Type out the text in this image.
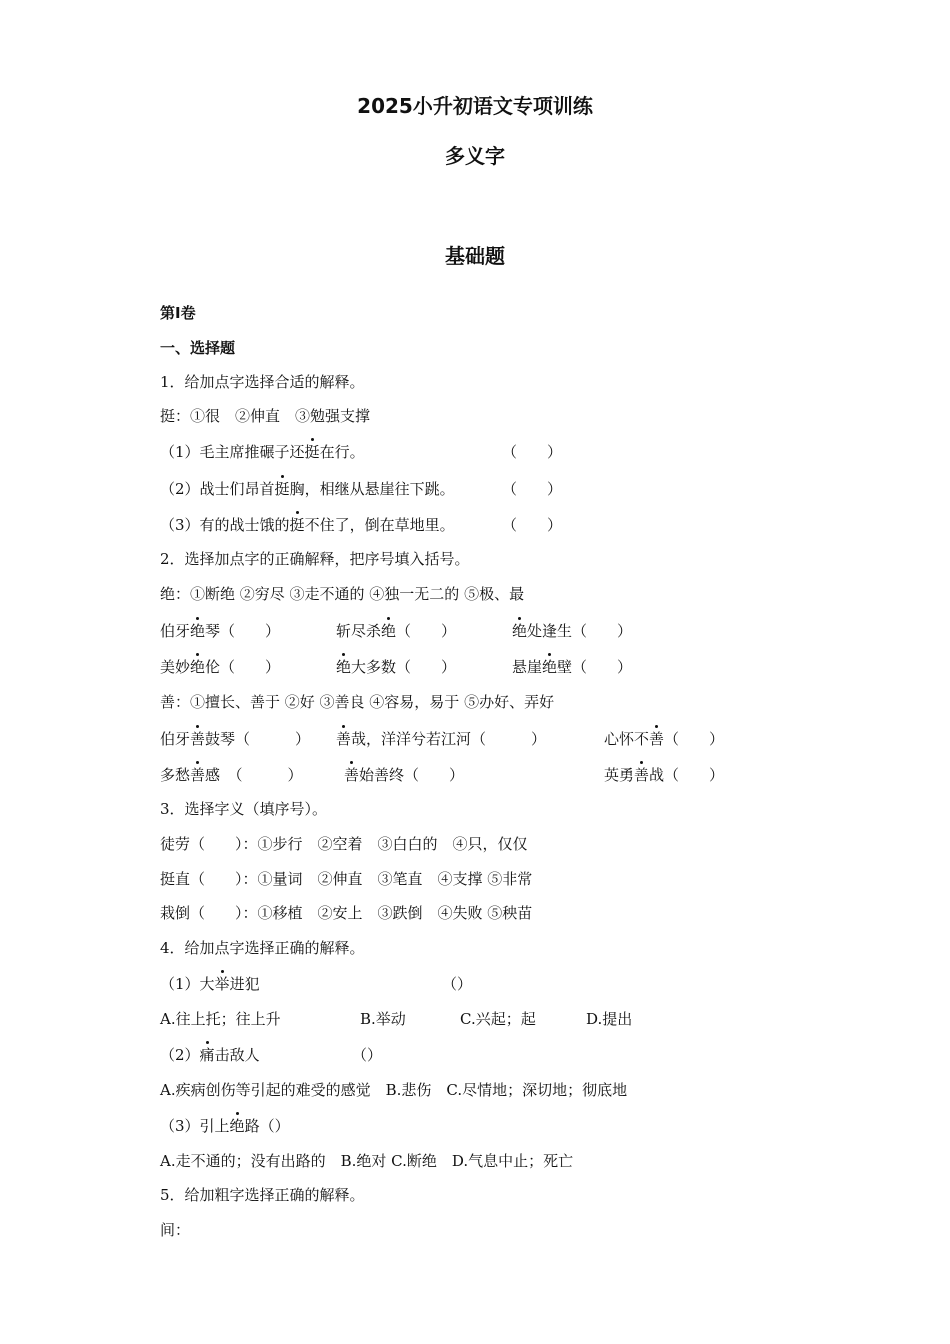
2025小升初语文专项训练
多义字
基础题
第Ⅰ卷
一、选择题
1．给加点字选择合适的解释。
挺：①很　②伸直　③勉强支撑
（1）毛主席推碾子还挺在行。	（　　）
（2）战士们昂首挺胸，相继从悬崖往下跳。	（　　）
（3）有的战士饿的挺不住了，倒在草地里。	（　　）
2．选择加点字的正确解释，把序号填入括号。
绝：①断绝 ②穷尽 ③走不通的 ④独一无二的 ⑤极、最
伯牙绝琴（　　）	斩尽杀绝（　　）	绝处逢生（　　）
美妙绝伦（　　）	绝大多数（　　）	悬崖绝壁（　　）
善：①擅长、善于 ②好 ③善良 ④容易，易于 ⑤办好、弄好
伯牙善鼓琴（　　　） 善哉，洋洋兮若江河（　　　）	心怀不善（　　）
多愁善感　（　　　）	善始善终（　　）	英勇善战（　　）
3．选择字义（填序号）。
徒劳（　　）：①步行　②空着　③白白的　④只，仅仅
挺直（　　）：①量词　②伸直　③笔直　④支撑 ⑤非常
栽倒（　　）：①移植　②安上　③跌倒　④失败 ⑤秧苗
4．给加点字选择正确的解释。
（1）大举进犯	（）
A.往上托；往上升	B.举动	C.兴起；起	D.提出
（2）痛击敌人	（）
A.疾病创伤等引起的难受的感觉　B.悲伤　C.尽情地；深切地；彻底地
（3）引上绝路（）
A.走不通的；没有出路的　B.绝对 C.断绝　D.气息中止；死亡
5．给加粗字选择正确的解释。
间：
